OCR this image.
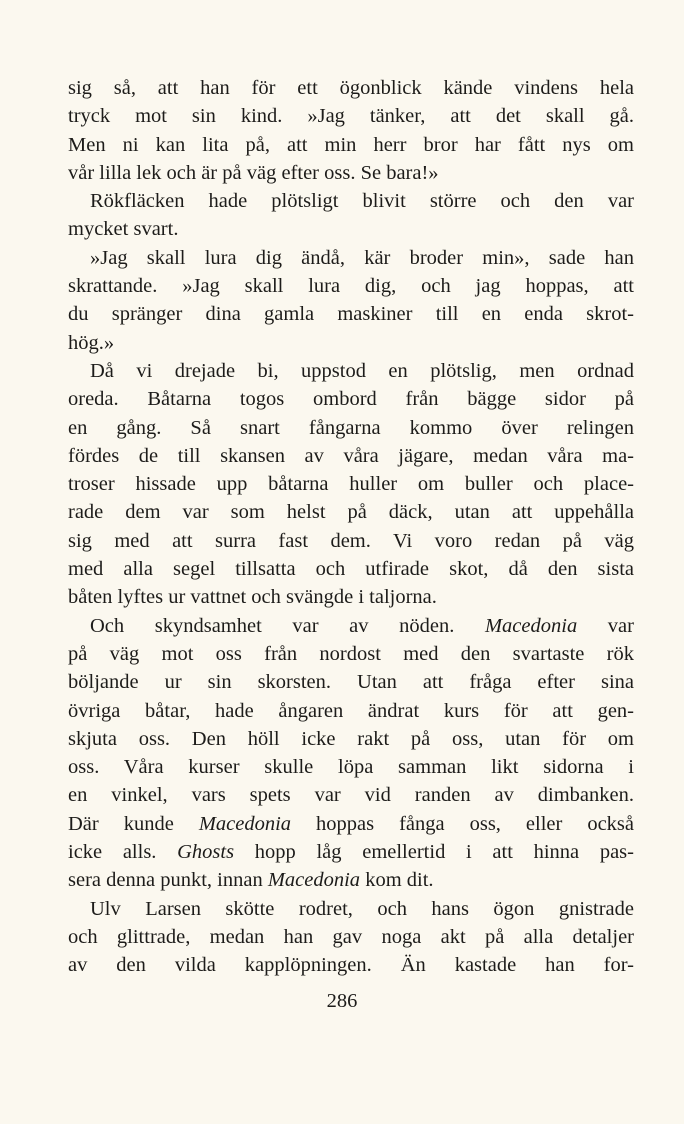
sig så, att han för ett ögonblick kände vindens hela
tryck mot sin kind. »Jag tänker, att det skall gå.
Men ni kan lita på, att min herr bror har fått nys om
vår lilla lek och är på väg efter oss. Se bara!»
Rökfläcken hade plötsligt blivit större och den var
mycket svart.
»Jag skall lura dig ändå, kär broder min», sade han
skrattande. »Jag skall lura dig, och jag hoppas, att
du spränger dina gamla maskiner till en enda skrot-
hög.»
Då vi drejade bi, uppstod en plötslig, men ordnad
oreda. Båtarna togos ombord från bägge sidor på
en gång. Så snart fångarna kommo över relingen
fördes de till skansen av våra jägare, medan våra ma-
troser hissade upp båtarna huller om buller och place-
rade dem var som helst på däck, utan att uppehålla
sig med att surra fast dem. Vi voro redan på väg
med alla segel tillsatta och utfirade skot, då den sista
båten lyftes ur vattnet och svängde i taljorna.
Och skyndsamhet var av nöden. Macedonia var
på väg mot oss från nordost med den svartaste rök
böljande ur sin skorsten. Utan att fråga efter sina
övriga båtar, hade ångaren ändrat kurs för att gen-
skjuta oss. Den höll icke rakt på oss, utan för om
oss. Våra kurser skulle löpa samman likt sidorna i
en vinkel, vars spets var vid randen av dimbanken.
Där kunde Macedonia hoppas fånga oss, eller också
icke alls. Ghosts hopp låg emellertid i att hinna pas-
sera denna punkt, innan Macedonia kom dit.
Ulv Larsen skötte rodret, och hans ögon gnistrade
och glittrade, medan han gav noga akt på alla detaljer
av den vilda kapplöpningen. Än kastade han for-
286
